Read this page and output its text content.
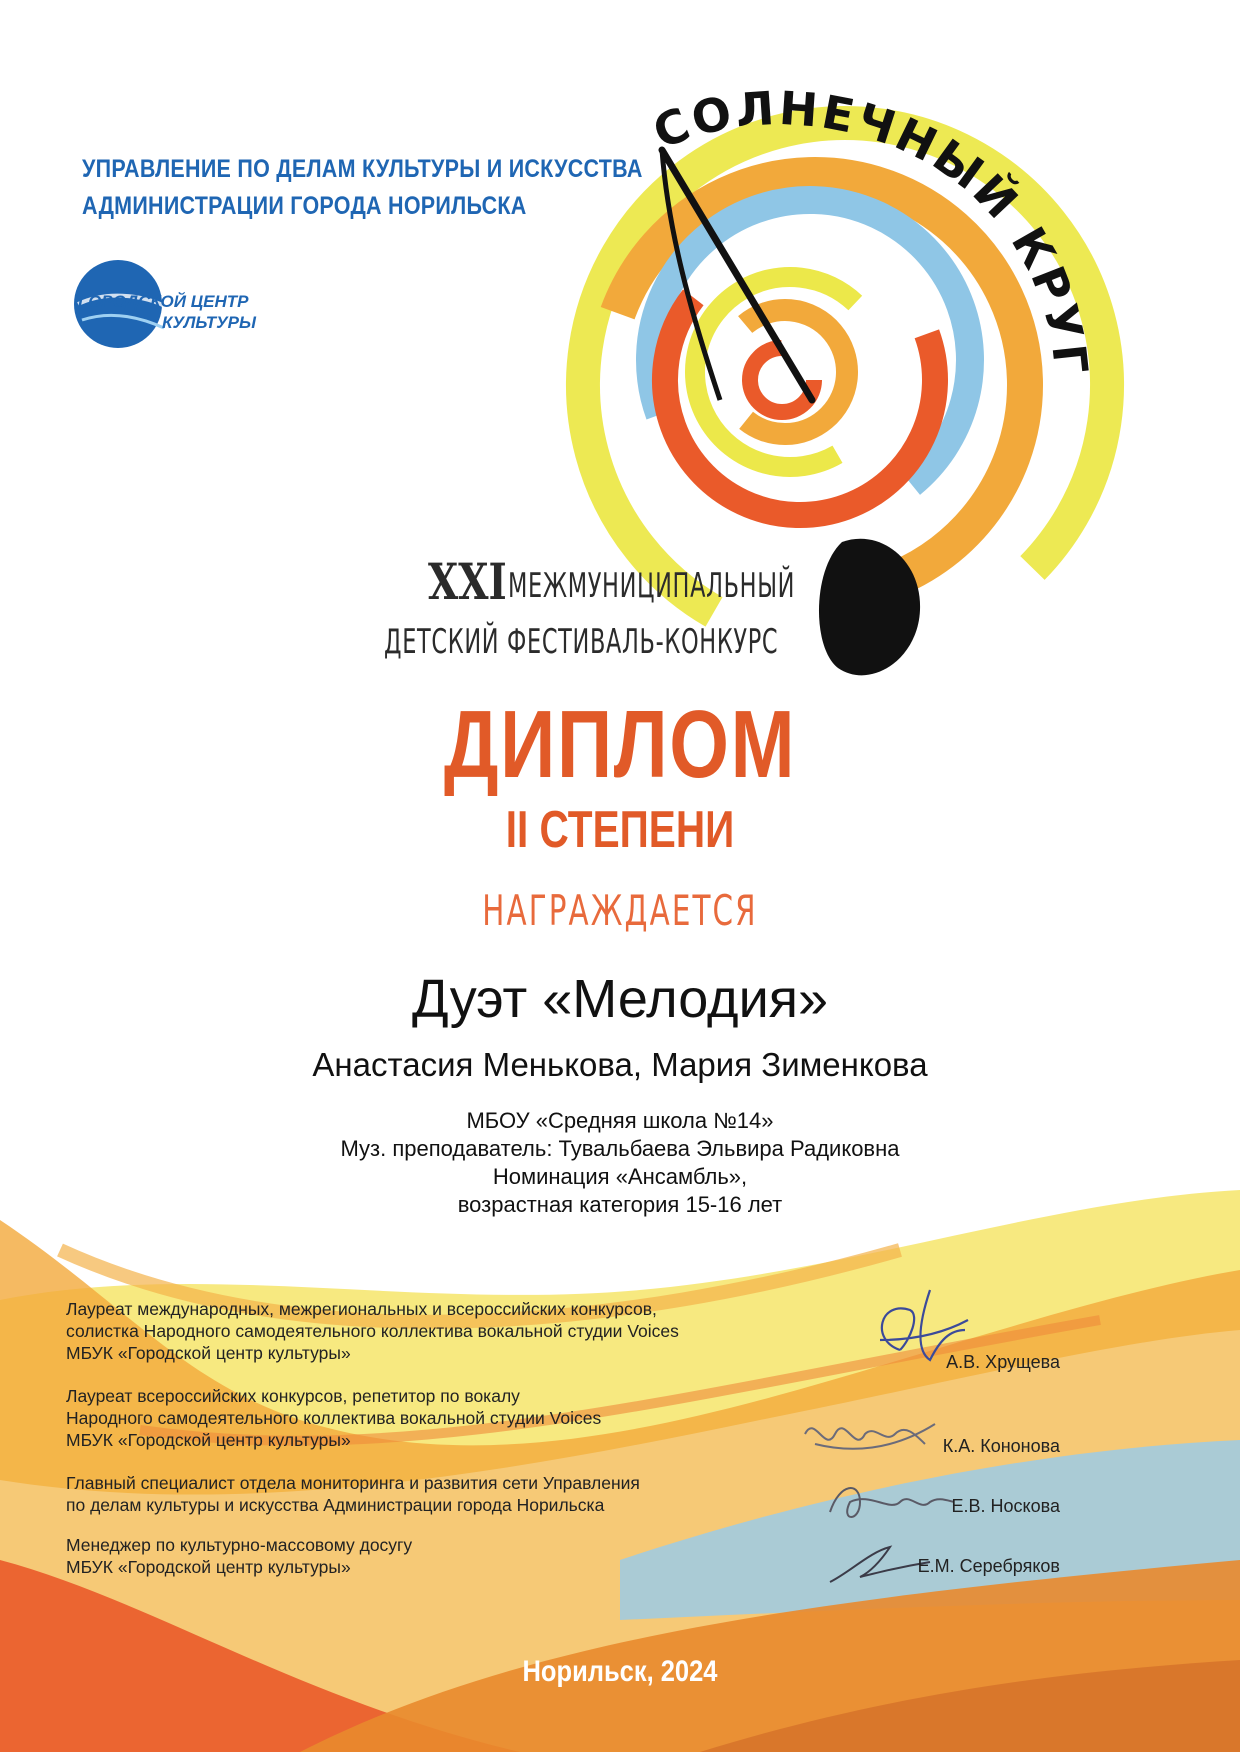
СОЛНЕЧНЫЙ КРУГ
УПРАВЛЕНИЕ ПО ДЕЛАМ КУЛЬТУРЫ И ИСКУССТВА
АДМИНИСТРАЦИИ ГОРОДА НОРИЛЬСКА
ГОРОДСКОЙ ЦЕНТР
КУЛЬТУРЫ
XXI МЕЖМУНИЦИПАЛЬНЫЙ
ДЕТСКИЙ ФЕСТИВАЛЬ-КОНКУРС
ДИПЛОМ
II СТЕПЕНИ
НАГРАЖДАЕТСЯ
Дуэт «Мелодия»
Анастасия Менькова, Мария Зименкова
МБОУ «Средняя школа №14»
Муз. преподаватель: Тувальбаева Эльвира Радиковна
Номинация «Ансамбль»,
возрастная категория 15-16 лет
Лауреат международных, межрегиональных и всероссийских конкурсов,
солистка Народного самодеятельного коллектива вокальной студии Voices
МБУК «Городской центр культуры»
Лауреат всероссийских конкурсов, репетитор по вокалу
Народного самодеятельного коллектива вокальной студии Voices
МБУК «Городской центр культуры»
Главный специалист отдела мониторинга и развития сети Управления
по делам культуры и искусства Администрации города Норильска
Менеджер по культурно-массовому досугу
МБУК «Городской центр культуры»
А.В. Хрущева
К.А. Кононова
Е.В. Носкова
Е.М. Серебряков
Норильск, 2024
